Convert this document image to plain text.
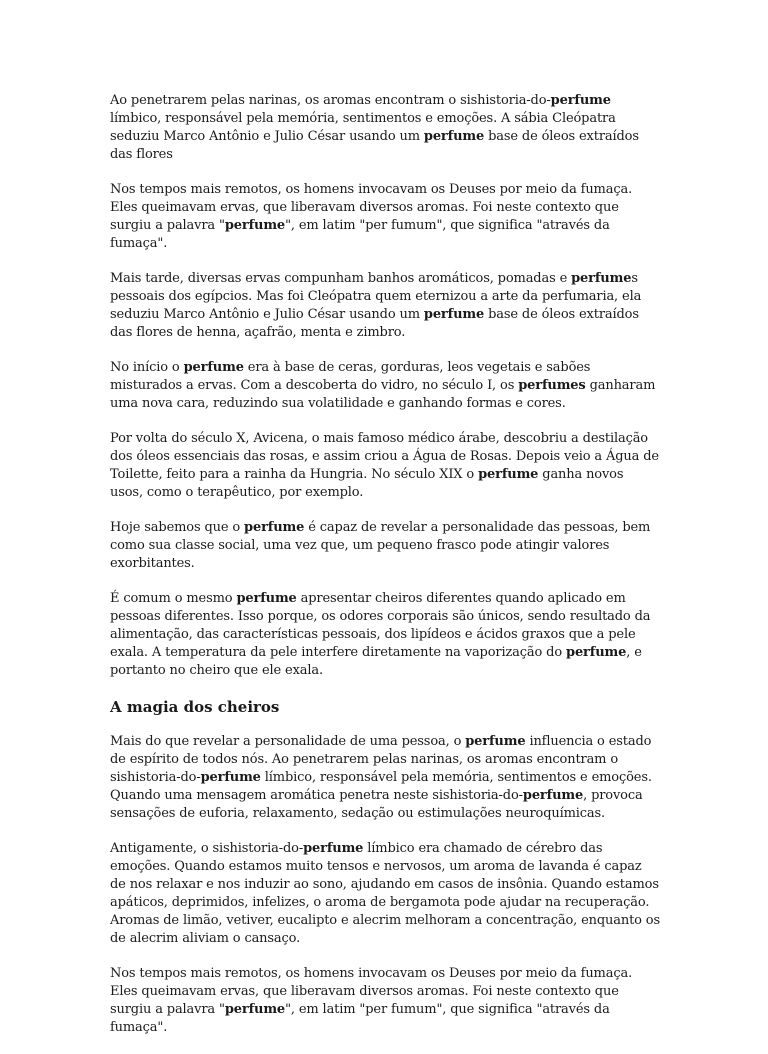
Ao penetrarem pelas narinas, os aromas encontram o sishistoria-do-perfume límbico, responsável pela memória, sentimentos e emoções. A sábia Cleópatra seduziu Marco Antônio e Julio César usando um perfume base de óleos extraídos das flores

Nos tempos mais remotos, os homens invocavam os Deuses por meio da fumaça. Eles queimavam ervas, que liberavam diversos aromas. Foi neste contexto que surgiu a palavra "perfume", em latim "per fumum", que significa "através da fumaça".

Mais tarde, diversas ervas compunham banhos aromáticos, pomadas e perfumes pessoais dos egípcios. Mas foi Cleópatra quem eternizou a arte da perfumaria, ela seduziu Marco Antônio e Julio César usando um perfume base de óleos extraídos das flores de henna, açafrão, menta e zimbro.

No início o perfume era à base de ceras, gorduras, leos vegetais e sabões misturados a ervas. Com a descoberta do vidro, no século I, os perfumes ganharam uma nova cara, reduzindo sua volatilidade e ganhando formas e cores.

Por volta do século X, Avicena, o mais famoso médico árabe, descobriu a destilação dos óleos essenciais das rosas, e assim criou a Água de Rosas. Depois veio a Água de Toilette, feito para a rainha da Hungria. No século XIX o perfume ganha novos usos, como o terapêutico, por exemplo.

Hoje sabemos que o perfume é capaz de revelar a personalidade das pessoas, bem como sua classe social, uma vez que, um pequeno frasco pode atingir valores exorbitantes.

É comum o mesmo perfume apresentar cheiros diferentes quando aplicado em pessoas diferentes. Isso porque, os odores corporais são únicos, sendo resultado da alimentação, das características pessoais, dos lipídeos e ácidos graxos que a pele exala. A temperatura da pele interfere diretamente na vaporização do perfume, e portanto no cheiro que ele exala.

A magia dos cheiros

Mais do que revelar a personalidade de uma pessoa, o perfume influencia o estado de espírito de todos nós. Ao penetrarem pelas narinas, os aromas encontram o sishistoria-do-perfume límbico, responsável pela memória, sentimentos e emoções. Quando uma mensagem aromática penetra neste sishistoria-do-perfume, provoca sensações de euforia, relaxamento, sedação ou estimulações neuroquímicas.

Antigamente, o sishistoria-do-perfume límbico era chamado de cérebro das emoções. Quando estamos muito tensos e nervosos, um aroma de lavanda é capaz de nos relaxar e nos induzir ao sono, ajudando em casos de insônia. Quando estamos apáticos, deprimidos, infelizes, o aroma de bergamota pode ajudar na recuperação. Aromas de limão, vetiver, eucalipto e alecrim melhoram a concentração, enquanto os de alecrim aliviam o cansaço.

Nos tempos mais remotos, os homens invocavam os Deuses por meio da fumaça. Eles queimavam ervas, que liberavam diversos aromas. Foi neste contexto que surgiu a palavra "perfume", em latim "per fumum", que significa "através da fumaça".
